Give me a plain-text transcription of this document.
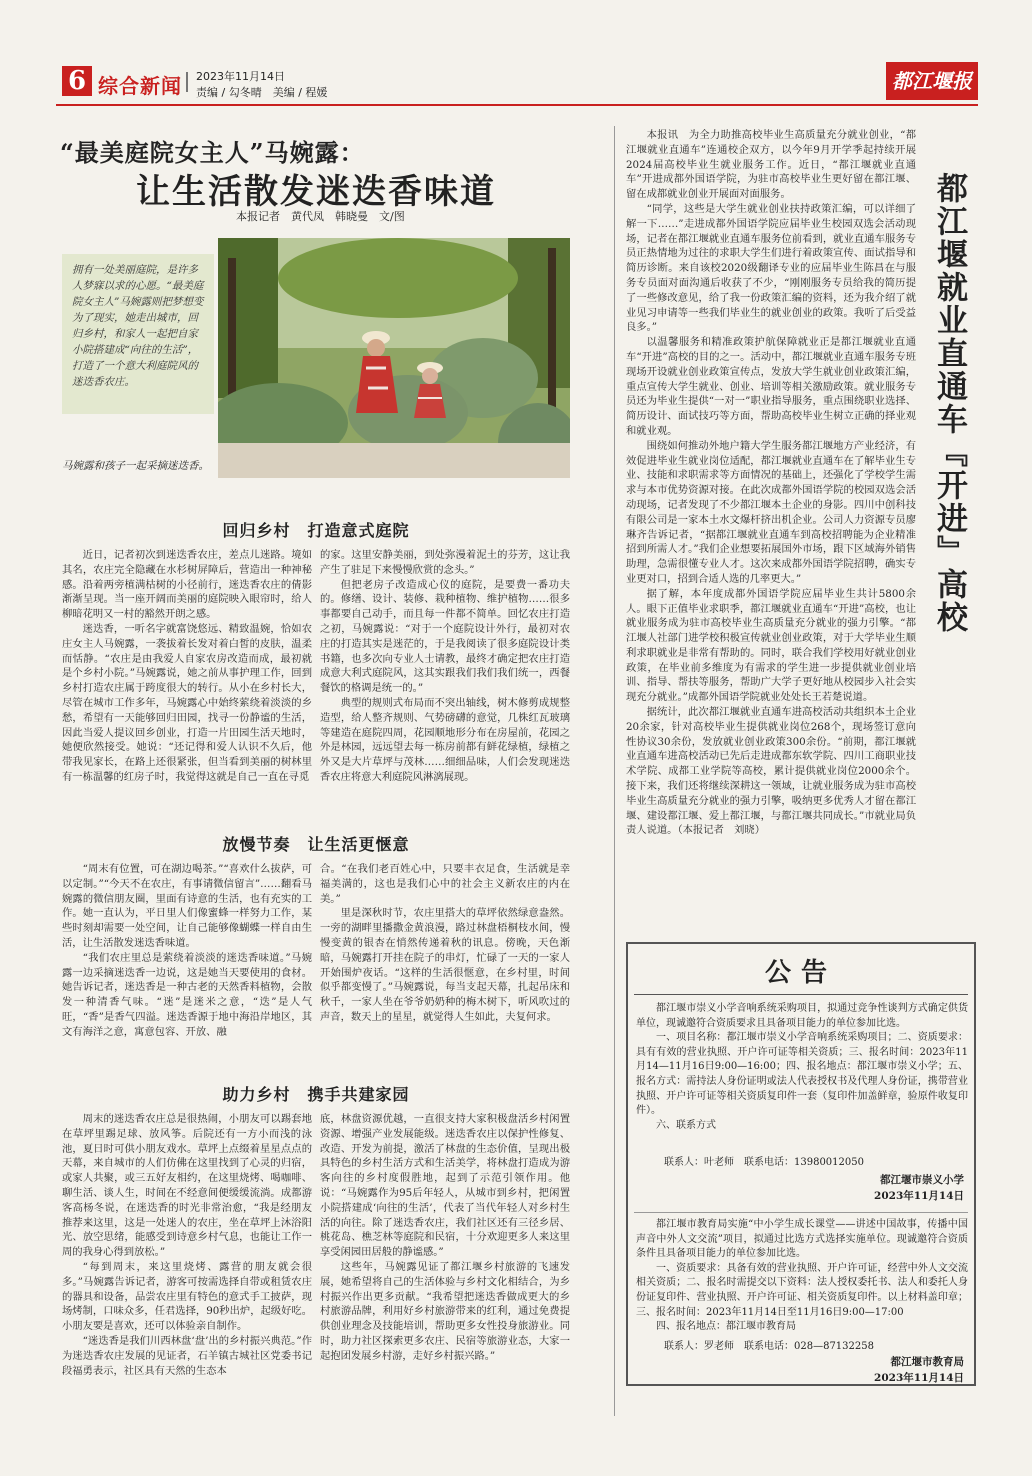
6 综合新闻 2023年11月14日
责编 / 勾冬晴　美编 / 程媛	都江堰报
“最美庭院女主人”马婉露：
让生活散发迷迭香味道
本报记者　黄代凤　韩晓曼　文/图
拥有一处美丽庭院，是许多人梦寐以求的心愿。“最美庭院女主人”马婉露则把梦想变为了现实，她走出城市，回归乡村，和家人一起把自家小院搭建成“向往的生活”，打造了一个意大利庭院风的迷迭香农庄。
马婉露和孩子一起采摘迷迭香。
回归乡村　打造意式庭院

近日，记者初次到迷迭香农庄，差点儿迷路。境如其名，农庄完全隐藏在水杉树屏障后，营造出一种神秘感。沿着两旁植满枯树的小径前行，迷迭香农庄的倩影渐渐呈现。当一座开阔而美丽的庭院映入眼帘时，给人柳暗花明又一村的豁然开朗之感。

迷迭香，一听名字就富饶悠远、精致温婉，恰如农庄女主人马婉露，一袭拔着长发对着白皙的皮肤，温柔而恬静。“农庄是由我爱人自家农房改造而成，最初就是个乡村小院。”马婉露说，她之前从事护理工作，回到乡村打造农庄属于跨度很大的转行。从小在乡村长大，尽管在城市工作多年，马婉露心中始终萦绕着淡淡的乡愁，希望有一天能够回归田园，找寻一份静谧的生活，因此当爱人提议回乡创业，打造一片田园生活天地时，她便欣然接受。她说：“还记得和爱人认识不久后，他带我见家长，在路上还很紧张，但当看到美丽的树林里有一栋温馨的红房子时，我觉得这就是自己一直在寻觅

的家。这里安静美丽，到处弥漫着泥土的芬芳，这让我产生了驻足下来慢慢欣赏的念头。”

但把老房子改造成心仪的庭院，是要费一番功夫的。修缮、设计、装修、栽种植物、维护植物……很多事都要自己动手，而且每一件都不简单。回忆农庄打造之初，马婉露说：“对于一个庭院设计外行，最初对农庄的打造其实是迷茫的，于是我阅读了很多庭院设计类书籍，也多次向专业人士请教，最终才确定把农庄打造成意大利式庭院风，这其实跟我们我们我们统一，西餐餐饮的格调是统一的。”

典型的规则式布局而不突出轴线，树木修剪成规整造型，给人整齐规则、气势磅礴的意觉，几株红瓦玻璃等建造在庭院四周，花园顺地形分布在房屋前，花园之外是林园，远远望去每一栋房前都有鲜花绿植，绿植之外又是大片草坪与茂林……细细品味，人们会发现迷迭香农庄将意大利庭院风淋漓展现。

放慢节奏　让生活更惬意

“周末有位置，可在湖边喝茶。”“喜欢什么拔萨，可以定制。”“今天不在农庄，有事请微信留言”……翻看马婉露的微信朋友圈，里面有诗意的生活，也有充实的工作。她一直认为，平日里人们像蜜蜂一样努力工作，某些时刻却需要一处空间，让自己能够像蝴蝶一样自由生活，让生活散发迷迭香味道。

“我们农庄里总是萦绕着淡淡的迷迭香味道。”马婉露一边采摘迷迭香一边说，这是她当天要使用的食材。她告诉记者，迷迭香是一种古老的天然香料植物，会散发一种清香气味。“迷”是迷米之意，“迭”是人气旺，“香”是香气四溢。迷迭香源于地中海沿岸地区，其文有海洋之意，寓意包容、开放、融

合。“在我们老百姓心中，只要丰衣足食，生活就是幸福美满的，这也是我们心中的社会主义新农庄的内在美。”

里是深秋时节，农庄里搭大的草坪依然绿意盎然。一旁的湖畔里播撒金黄浪漫，路过林盘梧桐枝水间，慢慢变黄的银杏在悄然传递着秋的讯息。傍晚，天色渐暗，马婉露打开挂在院子的串灯，忙碌了一天的一家人开始围炉夜话。“这样的生活很惬意，在乡村里，时间似乎都变慢了。”马婉露说，每当支起天幕，扎起吊床和秋千，一家人坐在爷爷奶奶种的梅木树下，听风吹过的声音，数天上的星星，就觉得人生如此，夫复何求。

助力乡村　携手共建家园

周末的迷迭香农庄总是很热闹，小朋友可以踢套地在草坪里踢足球、放风筝。后院还有一方小而浅的泳池，夏日时可供小朋友戏水。草坪上点缀着星星点点的天幕，来自城市的人们仿佛在这里找到了心灵的归宿，或家人共聚，或三五好友相约，在这里烧烤、喝咖啡、聊生活、谈人生，时间在不经意间便缓缓流淌。成都游客高杨冬说，在迷迭香的时光非常治愈，“我是经朋友推荐来这里，这是一处迷人的农庄，坐在草坪上沐浴阳光、放空思绪，能感受到诗意乡村气息，也能让工作一周的我身心得到放松。”

“每到周末，来这里烧烤、露营的朋友就会很多。”马婉露告诉记者，游客可按需选择自带或租赁农庄的器具和设备，品尝农庄里有特色的意式手工披萨，现场烤制，口味众多，任君选择，90秒出炉，起级好吃。小朋友要是喜欢，还可以体验亲自制作。

“迷迭香是我们川西林盘‘盘’出的乡村振兴典范。”作为迷迭香农庄发展的见证者，石羊镇古城社区党委书记段福勇表示，社区具有天然的生态本

底，林盘资源优越，一直很支持大家积极盘活乡村闲置资源、增强产业发展能级。迷迭香农庄以保护性修复、改造、开发为前提，激活了林盘的生态价值，呈现出极具特色的乡村生活方式和生活美学，将林盘打造成为游客向往的乡村度假胜地，起到了示范引领作用。他说：“马婉露作为95后年轻人，从城市到乡村，把闲置小院搭建成‘向往的生活’，代表了当代年轻人对乡村生活的向往。除了迷迭香农庄，我们社区还有三径乡居、桃花岛、樵芝林等庭院和民宿，十分欢迎更多人来这里享受闲园田居般的静谧感。”

这些年，马婉露见证了都江堰乡村旅游的飞速发展，她希望将自己的生活体验与乡村文化相结合，为乡村振兴作出更多贡献。“我希望把迷迭香做成更大的乡村旅游品牌，利用好乡村旅游带来的红利，通过免费提供创业理念及技能培训，帮助更多女性投身旅游业。同时，助力社区探索更多农庄、民宿等旅游业态，大家一起抱团发展乡村游，走好乡村振兴路。”

本报讯　为全力助推高校毕业生高质量充分就业创业，“都江堰就业直通车”连通校企双方，以今年9月开学季起持续开展2024届高校毕业生就业服务工作。近日，“都江堰就业直通车”开进成都外国语学院，为驻市高校毕业生更好留在都江堰、留在成都就业创业开展面对面服务。

“同学，这些是大学生就业创业扶持政策汇编，可以详细了解一下……”走进成都外国语学院应届毕业生校园双选会活动现场，记者在都江堰就业直通车服务位前看到，就业直通车服务专员正热情地为过往的求职大学生们进行着政策宣传、面试指导和简历诊断。来自该校2020级翻译专业的应届毕业生陈昌在与服务专员面对面沟通后收获了不少，“刚刚服务专员给我的简历提了一些修改意见，给了我一份政策汇编的资料，还为我介绍了就业见习申请等一些我们毕业生的就业创业的政策。我听了后受益良多。”

以温馨服务和精准政策护航保障就业正是都江堰就业直通车“开进”高校的目的之一。活动中，都江堰就业直通车服务专班现场开设就业创业政策宣传点，发放大学生就业创业政策汇编，重点宣传大学生就业、创业、培训等相关激励政策。就业服务专员还为毕业生提供“一对一”职业指导服务，重点围绕职业选择、简历设计、面试技巧等方面，帮助高校毕业生树立正确的择业观和就业观。

围绕如何推动外地户籍大学生服务都江堰地方产业经济，有效促进毕业生就业岗位适配，都江堰就业直通车在了解毕业生专业、技能和求职需求等方面情况的基础上，还强化了学校学生需求与本市优势资源对接。在此次成都外国语学院的校园双选会活动现场，记者发现了不少都江堰本土企业的身影。四川中创科技有限公司是一家本土水文爆杆挤出机企业。公司人力资源专员廖琳齐告诉记者，“据都江堰就业直通车到高校招聘能为企业精准招到所需人才。”我们企业想要拓展国外市场，跟下区域海外销售助理，急需很懂专业人才。这次来成都外国语学院招聘，确实专业更对口，招到合适人选的几率更大。”

据了解，本年度成都外国语学院应届毕业生共计5800余人。眼下正值毕业求职季，都江堰就业直通车“开进”高校，也让就业服务成为驻市高校毕业生高质量充分就业的强力引擎。“都江堰人社部门进学校积极宣传就业创业政策，对于大学毕业生顺利求职就业是非常有帮助的。同时，联合我们学校用好就业创业政策，在毕业前多维度为有需求的学生进一步提供就业创业培训、指导、帮扶等服务，帮助广大学子更好地从校园步入社会实现充分就业。”成都外国语学院就业处处长王若楚说道。

据统计，此次都江堰就业直通车进高校活动共组织本土企业20余家，针对高校毕业生提供就业岗位268个，现场签订意向性协议30余份，发放就业创业政策300余份。“前期，都江堰就业直通车进高校活动已先后走进成都东软学院、四川工商职业技术学院、成都工业学院等高校，累计提供就业岗位2000余个。接下来，我们还将继续深耕这一领域，让就业服务成为驻市高校毕业生高质量充分就业的强力引擎，吸纳更多优秀人才留在都江堰、建设都江堰、爱上都江堰，与都江堰共同成长。”市就业局负责人说道。（本报记者　刘晓）

都江堰就业直通车『开进』高校
公告

都江堰市崇义小学音响系统采购项目，拟通过竞争性谈判方式确定供货单位，现诚邀符合资质要求且具备项目能力的单位参加比选。

一、项目名称：都江堰市崇义小学音响系统采购项目；二、资质要求：具有有效的营业执照、开户许可证等相关资质；三、报名时间：2023年11月14—11月16日9:00—16:00；四、报名地点：都江堰市崇义小学；五、报名方式：需持法人身份证明或法人代表授权书及代理人身份证，携带营业执照、开户许可证等相关资质复印件一套（复印件加盖鲜章，验原件收复印件）。

六、联系方式

联系人：叶老师　联系电话：13980012050
都江堰市崇义小学
2023年11月14日

都江堰市教育局实施“中小学生成长课堂——讲述中国故事，传播中国声音中外人文交流”项目，拟通过比选方式选择实施单位。现诚邀符合资质条件且具备项目能力的单位参加比选。

一、资质要求：具备有效的营业执照、开户许可证，经营中外人文交流相关资质；二、报名时需提交以下资料：法人授权委托书、法人和委托人身份证复印件、营业执照、开户许可证、相关资质复印件。以上材料盖印章；三、报名时间：2023年11月14日至11月16日9:00—17:00

四、报名地点：都江堰市教育局

联系人：罗老师　联系电话：028—87132258
都江堰市教育局
2023年11月14日
